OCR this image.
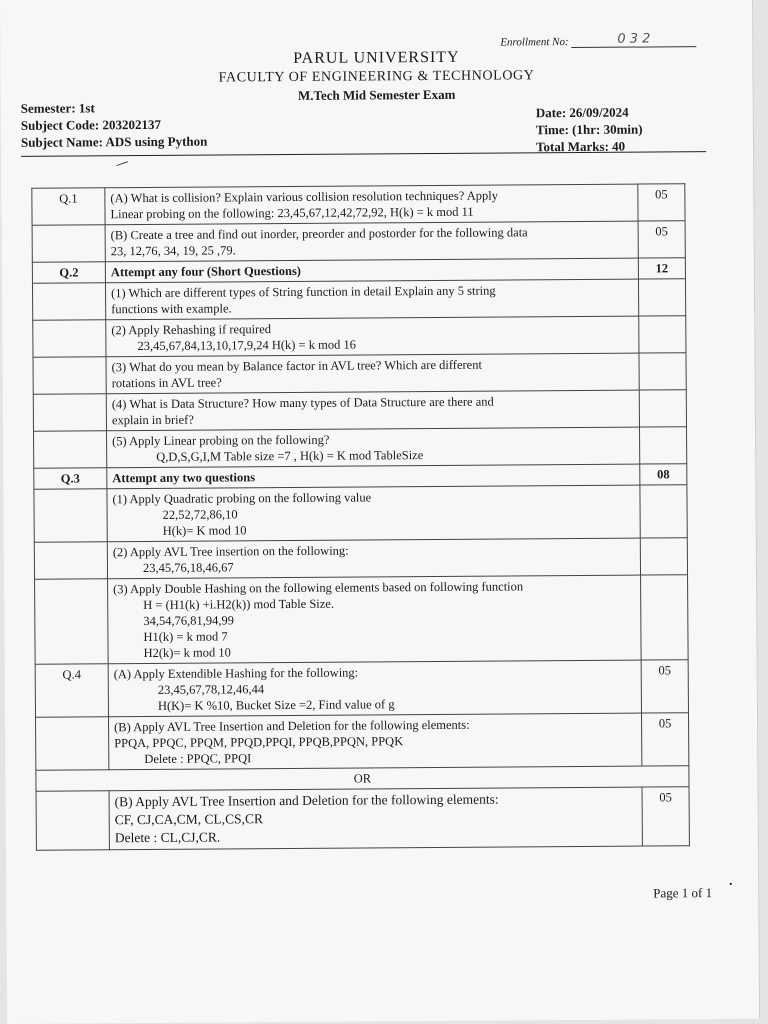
Enrollment No:	0 3 2
PARUL UNIVERSITY
FACULTY OF ENGINEERING & TECHNOLOGY
M.Tech Mid Semester Exam
Semester: 1st
Subject Code: 203202137
Subject Name: ADS using Python
Date: 26/09/2024
Time: (1hr: 30min)
Total Marks: 40
Q.1	(A) What is collision? Explain various collision resolution techniques? Apply
Linear probing on the following: 23,45,67,12,42,72,92, H(k) = k mod 11	05
	(B) Create a tree and find out inorder, preorder and postorder for the following data
23, 12,76, 34, 19, 25 ,79.	05
Q.2	Attempt any four (Short Questions)	12
	(1) Which are different types of String function in detail Explain any 5 string
functions with example.	
	(2) Apply Rehashing if required
23,45,67,84,13,10,17,9,24 H(k) = k mod 16	

	(3) What do you mean by Balance factor in AVL tree? Which are different
rotations in AVL tree?	
	(4) What is Data Structure? How many types of Data Structure are there and
explain in brief?	
	(5) Apply Linear probing on the following?
Q,D,S,G,I,M Table size =7 , H(k) = K mod TableSize	

Q.3	Attempt any two questions	08
	(1) Apply Quadratic probing on the following value
22,52,72,86,10
H(k)= K mod 10	

	(2) Apply AVL Tree insertion on the following:
23,45,76,18,46,67	

	(3) Apply Double Hashing on the following elements based on following function
H = (H1(k) +i.H2(k)) mod Table Size.
34,54,76,81,94,99
H1(k) = k mod 7
H2(k)= k mod 10	

Q.4	(A) Apply Extendible Hashing for the following:
23,45,67,78,12,46,44
H(K)= K %10, Bucket Size =2, Find value of g	05
	(B) Apply AVL Tree Insertion and Deletion for the following elements:
PPQA, PPQC, PPQM, PPQD,PPQI, PPQB,PPQN, PPQK
Delete : PPQC, PPQI	05
OR		
	(B) Apply AVL Tree Insertion and Deletion for the following elements:
CF, CJ,CA,CM, CL,CS,CR
Delete : CL,CJ,CR.	05
Page 1 of 1
•
